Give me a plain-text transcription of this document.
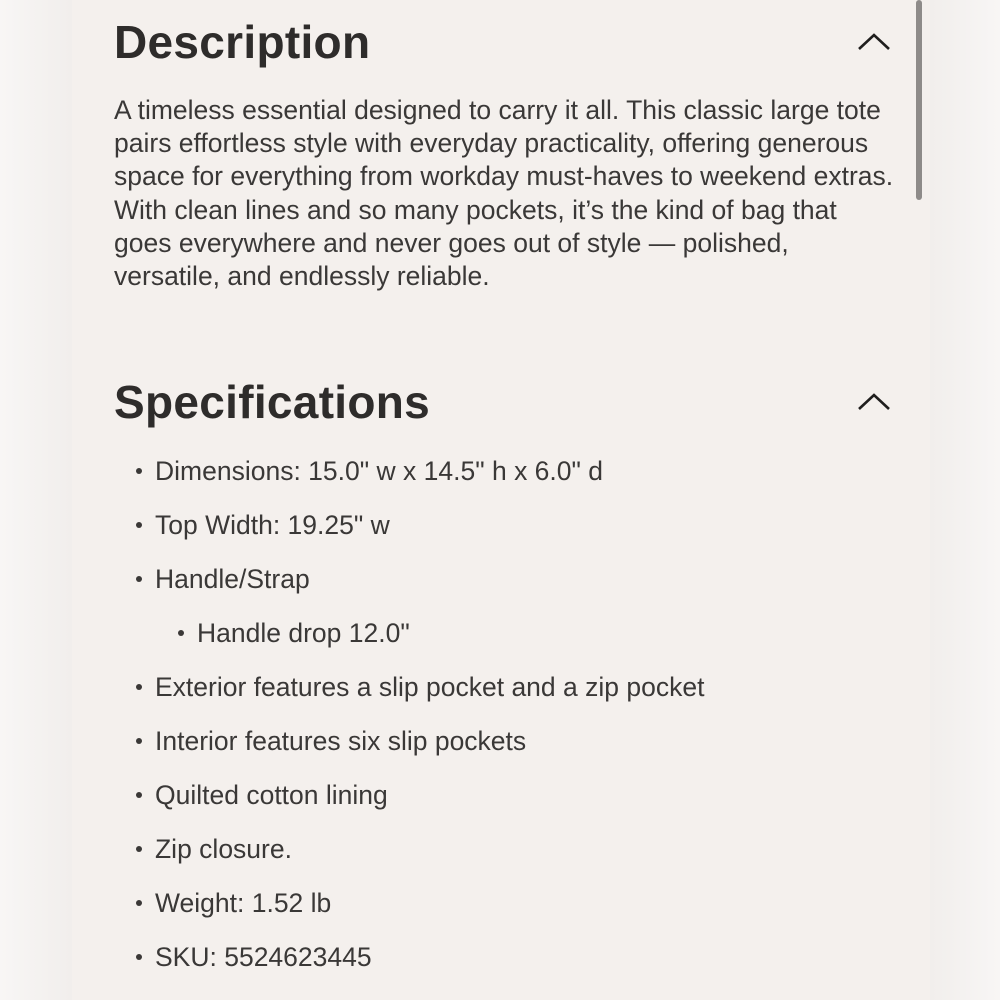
Description

A timeless essential designed to carry it all. This classic large tote pairs effortless style with everyday practicality, offering generous space for everything from workday must-haves to weekend extras. With clean lines and so many pockets, it’s the kind of bag that goes everywhere and never goes out of style — polished, versatile, and endlessly reliable.

Specifications
Dimensions: 15.0" w x 14.5" h x 6.0" d
Top Width: 19.25" w
Handle/Strap
Handle drop 12.0"
Exterior features a slip pocket and a zip pocket
Interior features six slip pockets
Quilted cotton lining
Zip closure.
Weight: 1.52 lb
SKU: 5524623445
